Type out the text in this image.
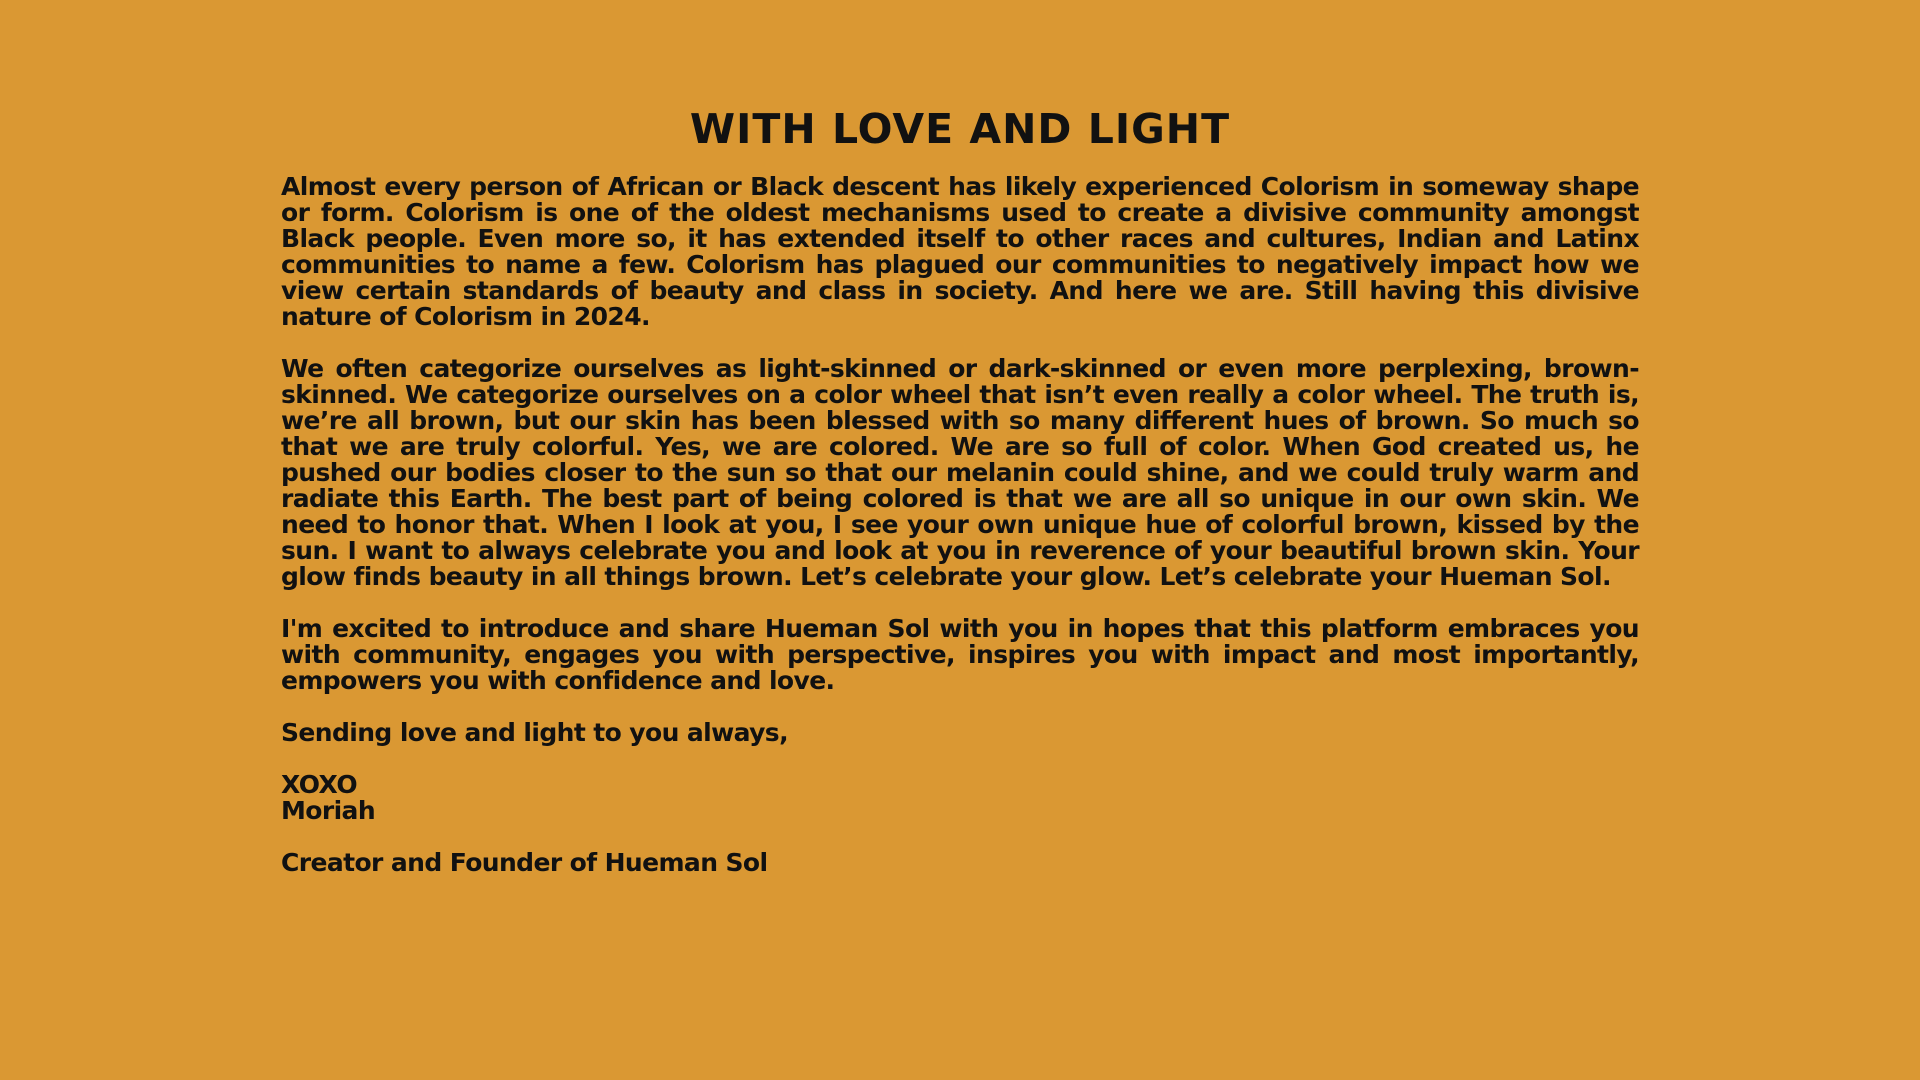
WITH LOVE AND LIGHT

Almost every person of African or Black descent has likely experienced Colorism in someway shape or form. Colorism is one of the oldest mechanisms used to create a divisive community amongst Black people. Even more so, it has extended itself to other races and cultures, Indian and Latinx communities to name a few. Colorism has plagued our communities to negatively impact how we view certain standards of beauty and class in society. And here we are. Still having this divisive nature of Colorism in 2024.

We often categorize ourselves as light-skinned or dark-skinned or even more perplexing, brown-skinned. We categorize ourselves on a color wheel that isn’t even really a color wheel. The truth is, we’re all brown, but our skin has been blessed with so many different hues of brown. So much so that we are truly colorful. Yes, we are colored. We are so full of color. When God created us, he pushed our bodies closer to the sun so that our melanin could shine, and we could truly warm and radiate this Earth. The best part of being colored is that we are all so unique in our own skin. We need to honor that. When I look at you, I see your own unique hue of colorful brown, kissed by the sun. I want to always celebrate you and look at you in reverence of your beautiful brown skin. Your glow finds beauty in all things brown. Let’s celebrate your glow. Let’s celebrate your Hueman Sol.

I'm excited to introduce and share Hueman Sol with you in hopes that this platform embraces you with community, engages you with perspective, inspires you with impact and most importantly, empowers you with confidence and love.

Sending love and light to you always,

XOXO
Moriah

Creator and Founder of Hueman Sol
